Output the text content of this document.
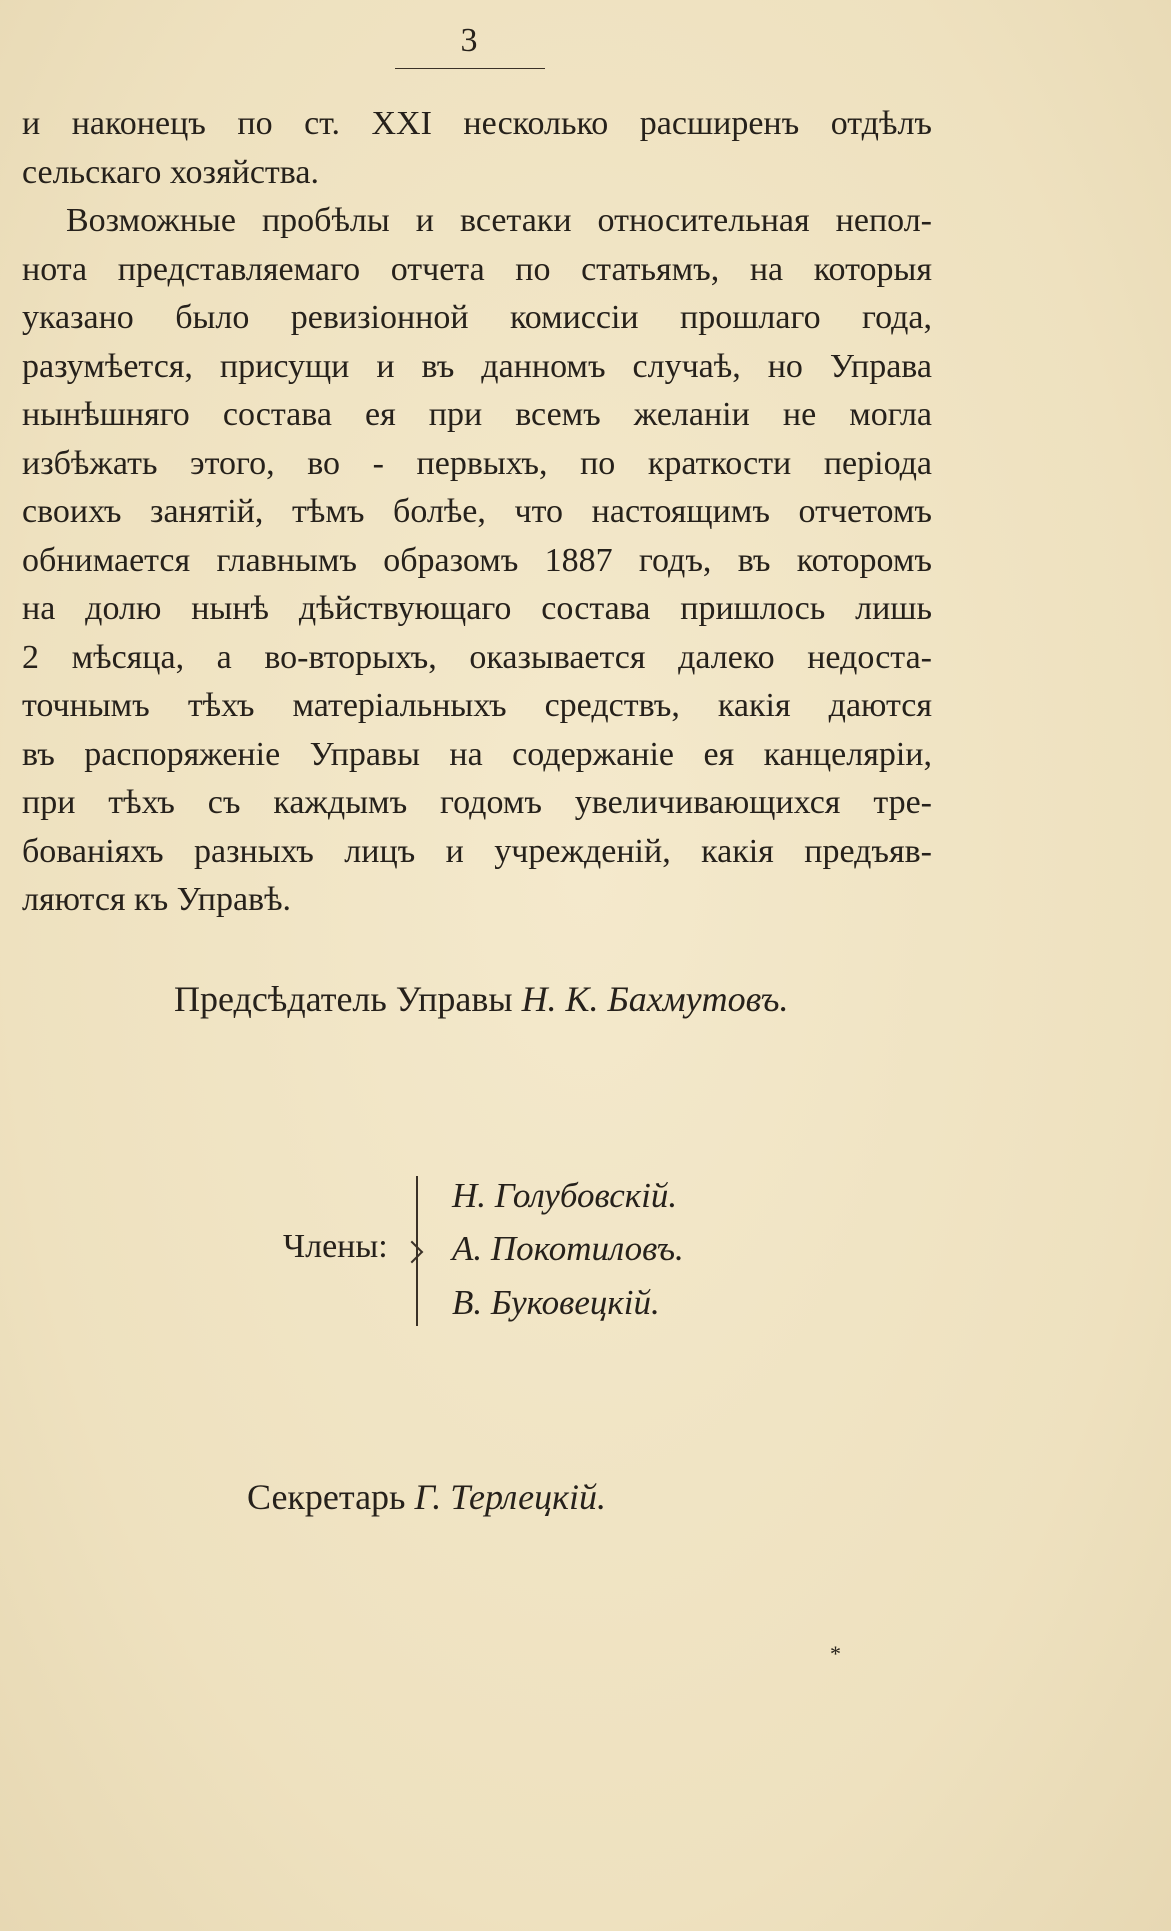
3
и наконецъ по ст. XXI несколько расширенъ отдѣлъ
сельскаго хозяйства.
Возможные пробѣлы и всетаки относительная непол-
нота представляемаго отчета по статьямъ, на которыя
указано было ревизіонной комиссіи прошлаго года,
разумѣется, присущи и въ данномъ случаѣ, но Управа
нынѣшняго состава ея при всемъ желаніи не могла
избѣжать этого, во - первыхъ, по краткости періода
своихъ занятій, тѣмъ болѣе, что настоящимъ отчетомъ
обнимается главнымъ образомъ 1887 годъ, въ которомъ
на долю нынѣ дѣйствующаго состава пришлось лишь
2 мѣсяца, а во-вторыхъ, оказывается далеко недоста-
точнымъ тѣхъ матеріальныхъ средствъ, какія даются
въ распоряженіе Управы на содержаніе ея канцеляріи,
при тѣхъ съ каждымъ годомъ увеличивающихся тре-
бованіяхъ разныхъ лицъ и учрежденій, какія предъяв-
ляются къ Управѣ.
Предсѣдатель Управы Н. К. Бахмутовъ.
Члены:
Н. Голубовскій.
А. Покотиловъ.
В. Буковецкій.
Секретарь Г. Терлецкій.
*
